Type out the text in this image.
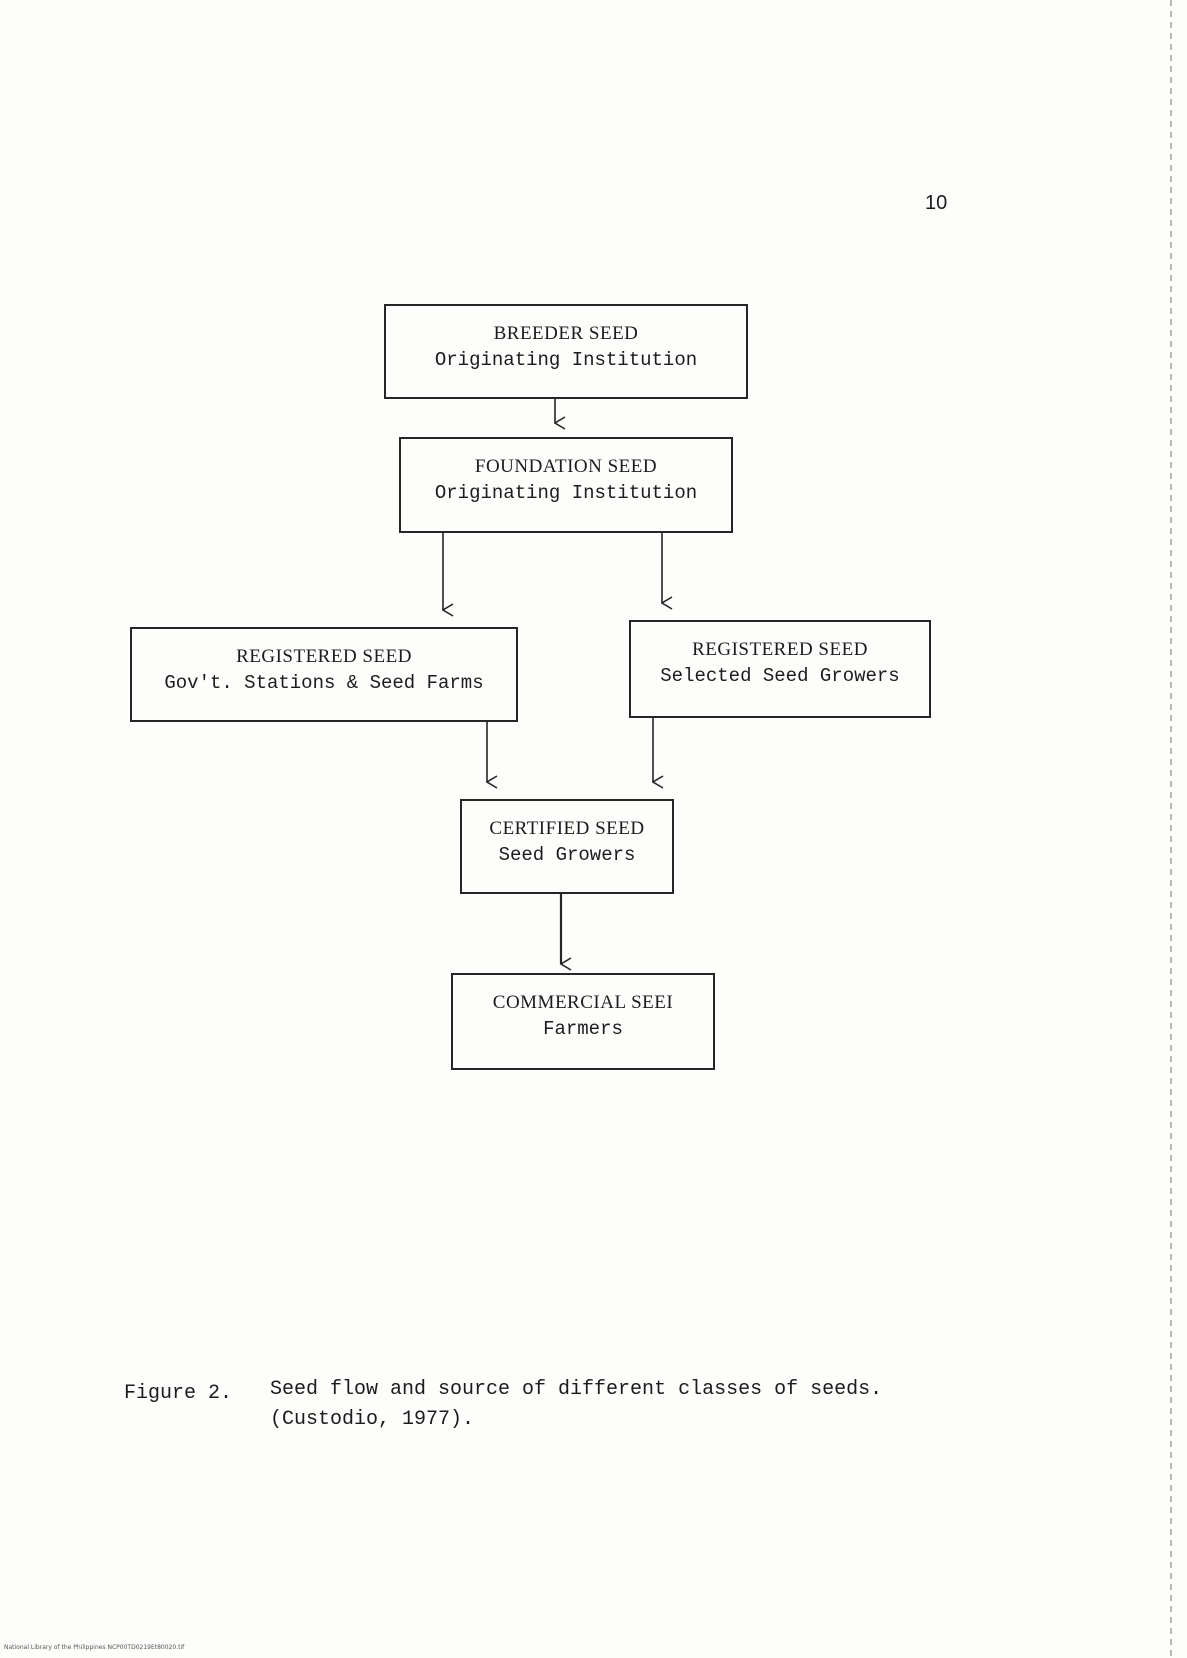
10
BREEDER SEED
Originating Institution
FOUNDATION SEED
Originating Institution
REGISTERED SEED
Gov't. Stations & Seed Farms
REGISTERED SEED
Selected Seed Growers
CERTIFIED SEED
Seed Growers
COMMERCIAL SEEI
Farmers
Figure 2. Seed flow and source of different classes of seeds.
(Custodio, 1977).
National Library of the Philippines NCP00TD0219Et80020.tif
